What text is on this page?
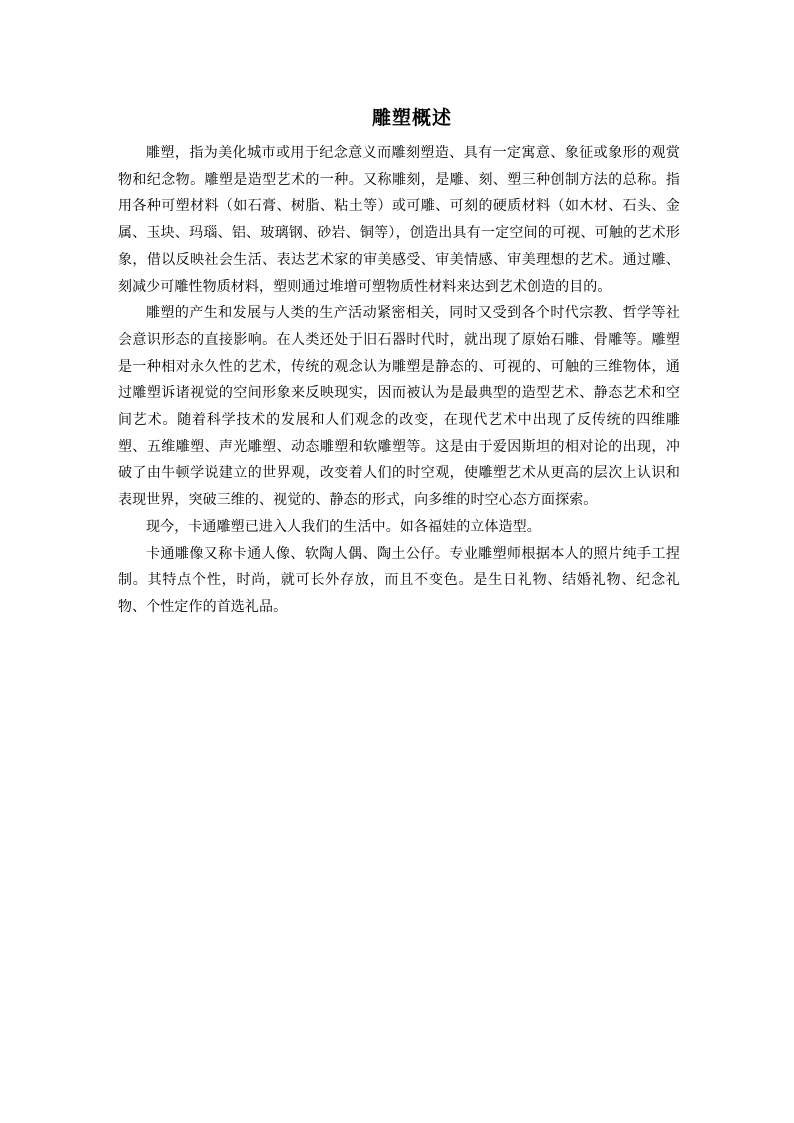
雕塑概述

雕塑，指为美化城市或用于纪念意义而雕刻塑造、具有一定寓意、象征或象形的观赏物和纪念物。雕塑是造型艺术的一种。又称雕刻，是雕、刻、塑三种创制方法的总称。指用各种可塑材料（如石膏、树脂、粘土等）或可雕、可刻的硬质材料（如木材、石头、金属、玉块、玛瑙、铝、玻璃钢、砂岩、铜等），创造出具有一定空间的可视、可触的艺术形象，借以反映社会生活、表达艺术家的审美感受、审美情感、审美理想的艺术。通过雕、刻减少可雕性物质材料，塑则通过堆增可塑物质性材料来达到艺术创造的目的。

雕塑的产生和发展与人类的生产活动紧密相关，同时又受到各个时代宗教、哲学等社会意识形态的直接影响。在人类还处于旧石器时代时，就出现了原始石雕、骨雕等。雕塑是一种相对永久性的艺术，传统的观念认为雕塑是静态的、可视的、可触的三维物体，通过雕塑诉诸视觉的空间形象来反映现实，因而被认为是最典型的造型艺术、静态艺术和空间艺术。随着科学技术的发展和人们观念的改变，在现代艺术中出现了反传统的四维雕塑、五维雕塑、声光雕塑、动态雕塑和软雕塑等。这是由于爱因斯坦的相对论的出现，冲破了由牛顿学说建立的世界观，改变着人们的时空观，使雕塑艺术从更高的层次上认识和表现世界，突破三维的、视觉的、静态的形式，向多维的时空心态方面探索。

现今，卡通雕塑已进入人我们的生活中。如各福娃的立体造型。

卡通雕像又称卡通人像、软陶人偶、陶土公仔。专业雕塑师根据本人的照片纯手工捏制。其特点个性，时尚，就可长外存放，而且不变色。是生日礼物、结婚礼物、纪念礼物、个性定作的首选礼品。
